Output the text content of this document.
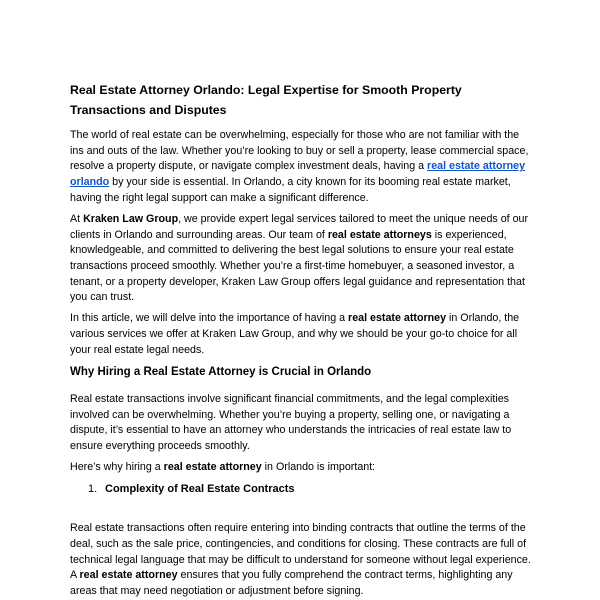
Real Estate Attorney Orlando: Legal Expertise for Smooth Property Transactions and Disputes

The world of real estate can be overwhelming, especially for those who are not familiar with the ins and outs of the law. Whether you’re looking to buy or sell a property, lease commercial space, resolve a property dispute, or navigate complex investment deals, having a real estate attorney orlando by your side is essential. In Orlando, a city known for its booming real estate market, having the right legal support can make a significant difference.

At Kraken Law Group, we provide expert legal services tailored to meet the unique needs of our clients in Orlando and surrounding areas. Our team of real estate attorneys is experienced, knowledgeable, and committed to delivering the best legal solutions to ensure your real estate transactions proceed smoothly. Whether you’re a first-time homebuyer, a seasoned investor, a tenant, or a property developer, Kraken Law Group offers legal guidance and representation that you can trust.

In this article, we will delve into the importance of having a real estate attorney in Orlando, the various services we offer at Kraken Law Group, and why we should be your go-to choice for all your real estate legal needs.

Why Hiring a Real Estate Attorney is Crucial in Orlando

Real estate transactions involve significant financial commitments, and the legal complexities involved can be overwhelming. Whether you’re buying a property, selling one, or navigating a dispute, it’s essential to have an attorney who understands the intricacies of real estate law to ensure everything proceeds smoothly.

Here’s why hiring a real estate attorney in Orlando is important:

1. Complexity of Real Estate Contracts

Real estate transactions often require entering into binding contracts that outline the terms of the deal, such as the sale price, contingencies, and conditions for closing. These contracts are full of technical legal language that may be difficult to understand for someone without legal experience. A real estate attorney ensures that you fully comprehend the contract terms, highlighting any areas that may need negotiation or adjustment before signing.
